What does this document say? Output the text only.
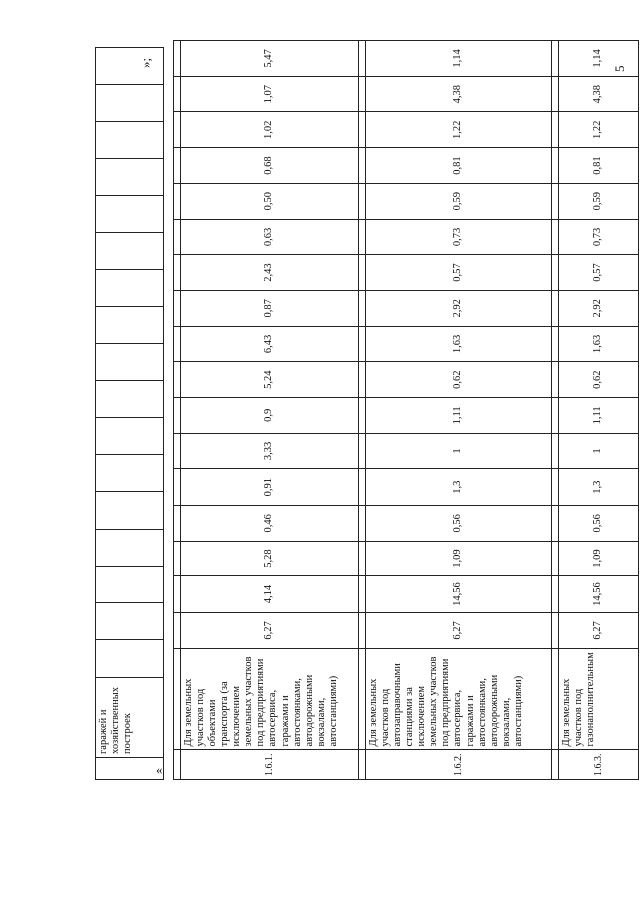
5
«
»;
	гаражей и хозяйственных построек																	

1.6.1.	Для земельных участков под объектами транспорта (за исключением земельных участков под предприятиями автосервиса, гаражами и автостоянками, автодорожными вокзалами, автостанциями)	6,27	4,14	5,28	0,46	0,91	3,33	0,9	5,24	6,43	0,87	2,43	0,63	0,50	0,68	1,02	1,07	5,47

1.6.2.	Для земельных участков под автозаправочными станциями за исключением земельных участков под предприятиями автосервиса, гаражами и автостоянками, автодорожными вокзалами, автостанциями)	6,27	14,56	1,09	0,56	1,3	1	1,11	0,62	1,63	2,92	0,57	0,73	0,59	0,81	1,22	4,38	1,14

1.6.3.	Для земельных участков под газонаполнительным	6,27	14,56	1,09	0,56	1,3	1	1,11	0,62	1,63	2,92	0,57	0,73	0,59	0,81	1,22	4,38	1,14
